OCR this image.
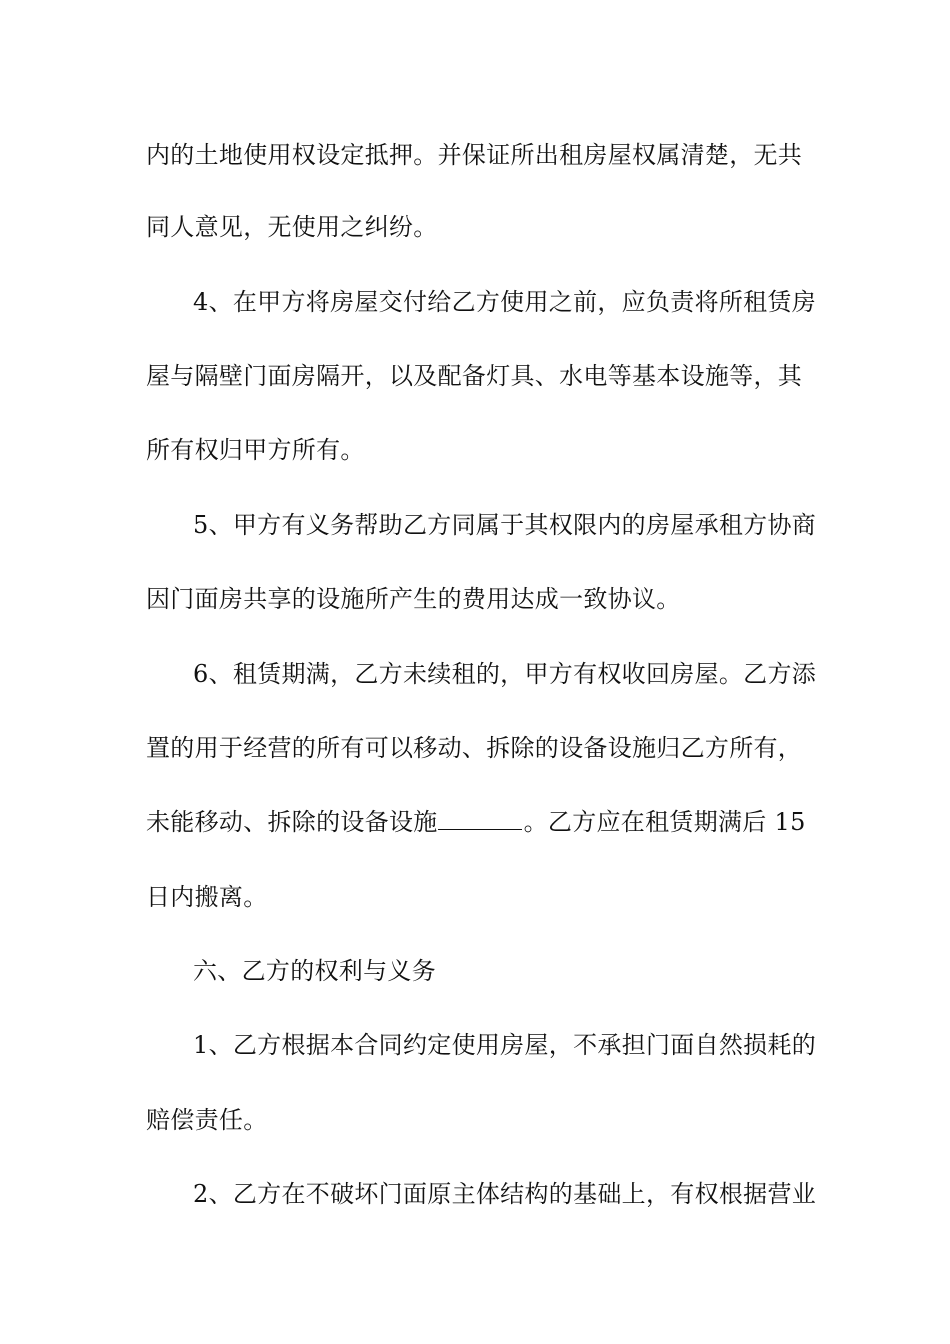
内的土地使用权设定抵押。并保证所出租房屋权属清楚，无共
同人意见，无使用之纠纷。
4、在甲方将房屋交付给乙方使用之前，应负责将所租赁房
屋与隔壁门面房隔开，以及配备灯具、水电等基本设施等，其
所有权归甲方所有。
5、甲方有义务帮助乙方同属于其权限内的房屋承租方协商
因门面房共享的设施所产生的费用达成一致协议。
6、租赁期满，乙方未续租的，甲方有权收回房屋。乙方添
置的用于经营的所有可以移动、拆除的设备设施归乙方所有，
未能移动、拆除的设备设施	。乙方应在租赁期满后 15
日内搬离。
六、乙方的权利与义务
1、乙方根据本合同约定使用房屋，不承担门面自然损耗的
赔偿责任。
2、乙方在不破坏门面原主体结构的基础上，有权根据营业
